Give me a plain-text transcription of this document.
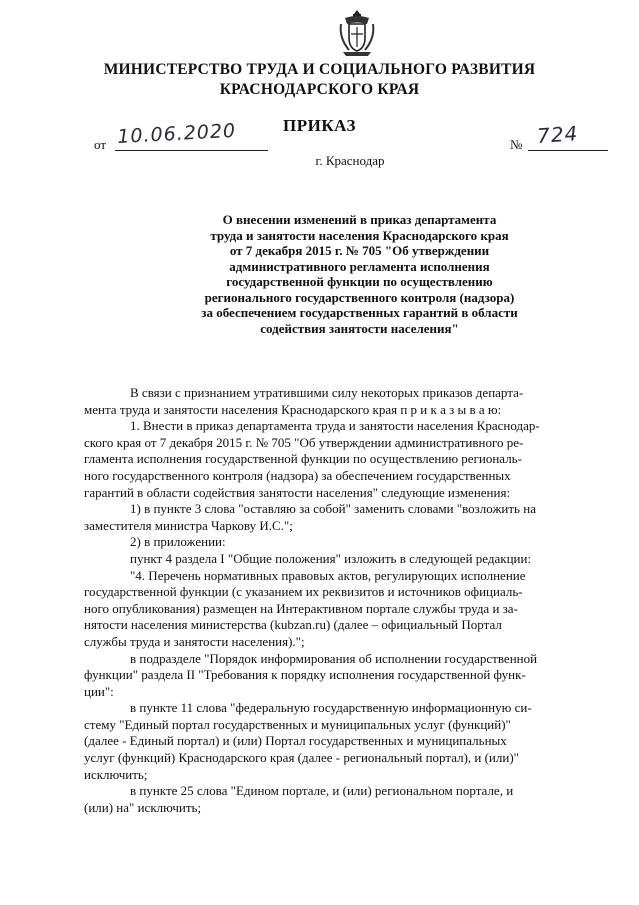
МИНИСТЕРСТВО ТРУДА И СОЦИАЛЬНОГО РАЗВИТИЯ
КРАСНОДАРСКОГО КРАЯ
ПРИКАЗ
от 10.06.2020	№ 724
г. Краснодар
О внесении изменений в приказ департамента
труда и занятости населения Краснодарского края
от 7 декабря 2015 г. № 705 "Об утверждении
административного регламента исполнения
государственной функции по осуществлению
регионального государственного контроля (надзора)
за обеспечением государственных гарантий в области
содействия занятости населения"
В связи с признанием утратившими силу некоторых приказов департа-
мента труда и занятости населения Краснодарского края п р и к а з ы в а ю:
1. Внести в приказ департамента труда и занятости населения Краснодар-
ского края от 7 декабря 2015 г. № 705 "Об утверждении административного ре-
гламента исполнения государственной функции по осуществлению региональ-
ного государственного контроля (надзора) за обеспечением государственных
гарантий в области содействия занятости населения" следующие изменения:
1) в пункте 3 слова "оставляю за собой" заменить словами "возложить на
заместителя министра Чаркову И.С.";
2) в приложении:
пункт 4 раздела I "Общие положения" изложить в следующей редакции:
"4. Перечень нормативных правовых актов, регулирующих исполнение
государственной функции (с указанием их реквизитов и источников официаль-
ного опубликования) размещен на Интерактивном портале службы труда и за-
нятости населения министерства (kubzan.ru) (далее – официальный Портал
службы труда и занятости населения).";
в подразделе "Порядок информирования об исполнении государственной
функции" раздела II "Требования к порядку исполнения государственной функ-
ции":
в пункте 11 слова "федеральную государственную информационную си-
стему "Единый портал государственных и муниципальных услуг (функций)"
(далее - Единый портал) и (или) Портал государственных и муниципальных
услуг (функций) Краснодарского края (далее - региональный портал), и (или)"
исключить;
в пункте 25 слова "Едином портале, и (или) региональном портале, и
(или) на" исключить;
